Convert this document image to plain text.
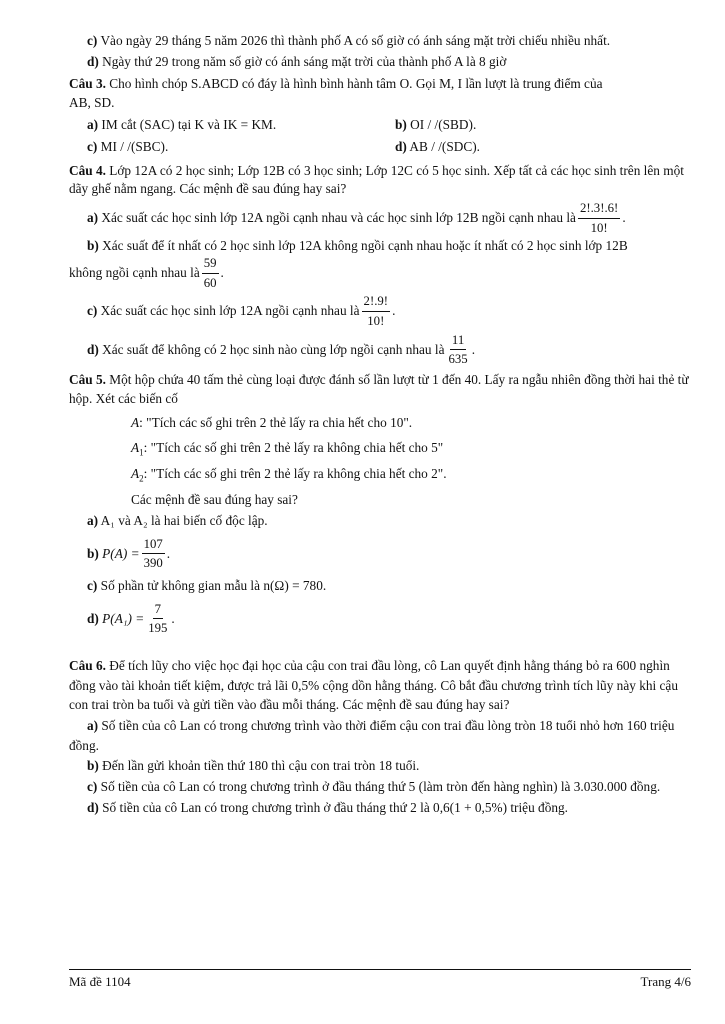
c) Vào ngày 29 tháng 5 năm 2026 thì thành phố A có số giờ có ánh sáng mặt trời chiếu nhiều nhất.

d) Ngày thứ 29 trong năm số giờ có ánh sáng mặt trời của thành phố A là 8 giờ

Câu 3. Cho hình chóp S.ABCD có đáy là hình bình hành tâm O. Gọi M, I lần lượt là trung điểm của

AB, SD.

a) IM cắt (SAC) tại K và IK = KM.	b) OI / /(SBD).
c) MI / /(SBC).	d) AB / /(SDC).

Câu 4. Lớp 12A có 2 học sinh; Lớp 12B có 3 học sinh; Lớp 12C có 5 học sinh. Xếp tất cả các học sinh trên lên một dãy ghế nằm ngang. Các mệnh đề sau đúng hay sai?

a) Xác suất các học sinh lớp 12A ngồi cạnh nhau và các học sinh lớp 12B ngồi cạnh nhau là $\frac{2!.3!.6!}{10!}$ .

b) Xác suất để ít nhất có 2 học sinh lớp 12A không ngồi cạnh nhau hoặc ít nhất có 2 học sinh lớp 12B

không ngồi cạnh nhau là $\frac{59}{60}$ .
c) Xác suất các học sinh lớp 12A ngồi cạnh nhau là $\frac{2!.9!}{10!}$ .
d) Xác suất để không có 2 học sinh nào cùng lớp ngồi cạnh nhau là $\frac{11}{635}$ .

Câu 5. Một hộp chứa 40 tấm thẻ cùng loại được đánh số lần lượt từ 1 đến 40. Lấy ra ngẫu nhiên đồng thời hai thẻ từ hộp. Xét các biến cố

A: "Tích các số ghi trên 2 thẻ lấy ra chia hết cho 10".

$A_1$: "Tích các số ghi trên 2 thẻ lấy ra không chia hết cho 5"

$A_2$: "Tích các số ghi trên 2 thẻ lấy ra không chia hết cho 2".

Các mệnh đề sau đúng hay sai?

a) A₁ và A₂ là hai biến cố độc lập.

b)
$P(A) = \frac{107}{390}$ .

c) Số phần tử không gian mẫu là n(Ω) = 780.

d)
$P(A_1) = \frac{7}{195}$ .

Câu 6. Để tích lũy cho việc học đại học của cậu con trai đầu lòng, cô Lan quyết định hằng tháng bỏ ra 600 nghìn đồng vào tài khoản tiết kiệm, được trả lãi 0,5% cộng dồn hằng tháng. Cô bắt đầu chương trình tích lũy này khi cậu con trai tròn ba tuổi và gửi tiền vào đầu mỗi tháng. Các mệnh đề sau đúng hay sai?

a) Số tiền của cô Lan có trong chương trình vào thời điểm cậu con trai đầu lòng tròn 18 tuổi nhỏ hơn 160 triệu đồng.

b) Đến lần gửi khoản tiền thứ 180 thì cậu con trai tròn 18 tuổi.

c) Số tiền của cô Lan có trong chương trình ở đầu tháng thứ 5 (làm tròn đến hàng nghìn) là 3.030.000 đồng.

d) Số tiền của cô Lan có trong chương trình ở đầu tháng thứ 2 là 0,6(1 + 0,5%) triệu đồng.

Mã đề 1104	Trang 4/6
